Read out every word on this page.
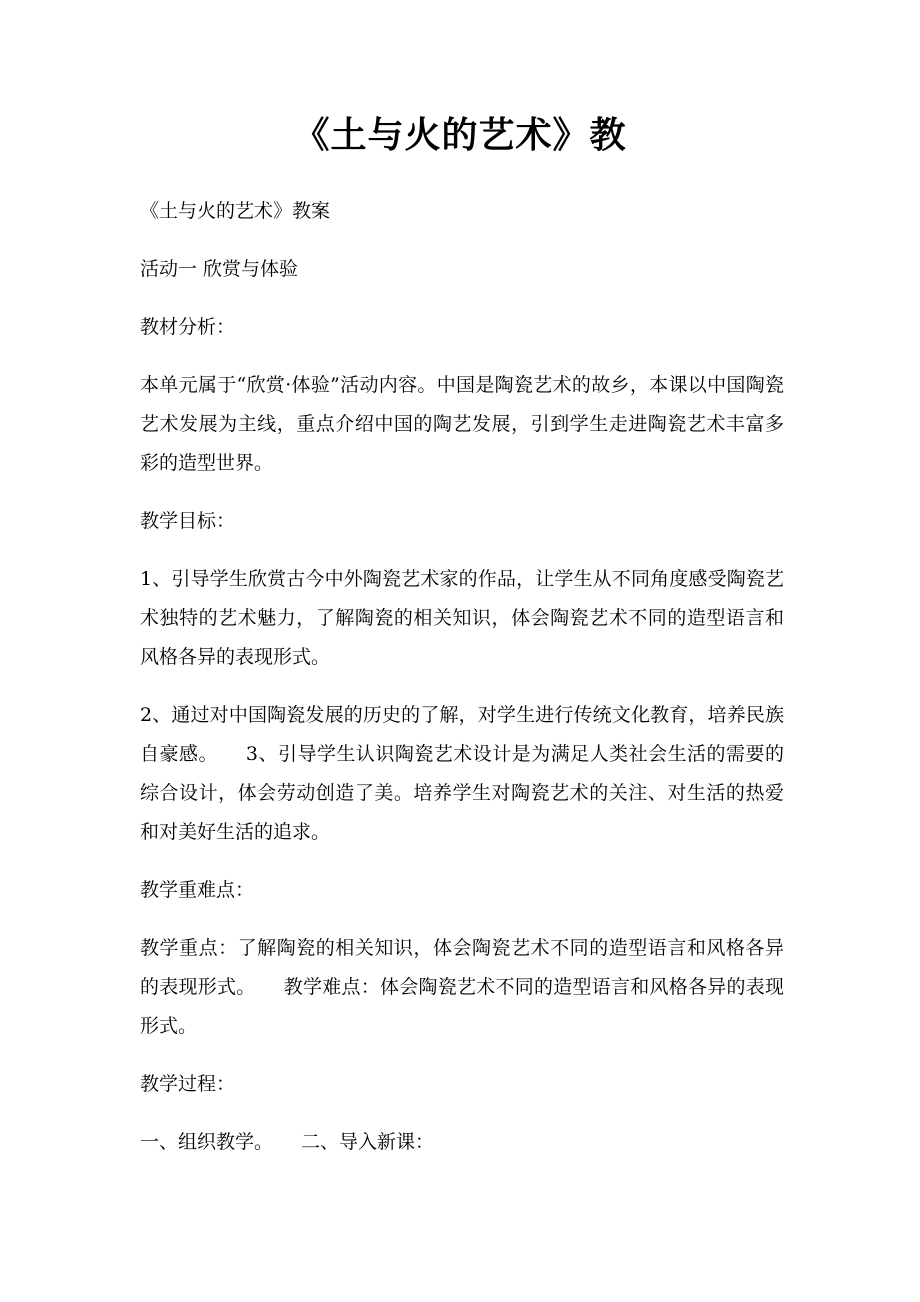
《土与火的艺术》教

《土与火的艺术》教案

活动一 欣赏与体验

教材分析：

本单元属于“欣赏·体验”活动内容。中国是陶瓷艺术的故乡，本课以中国陶瓷艺术发展为主线，重点介绍中国的陶艺发展，引到学生走进陶瓷艺术丰富多彩的造型世界。

教学目标：

1、引导学生欣赏古今中外陶瓷艺术家的作品，让学生从不同角度感受陶瓷艺术独特的艺术魅力，了解陶瓷的相关知识，体会陶瓷艺术不同的造型语言和风格各异的表现形式。

2、通过对中国陶瓷发展的历史的了解，对学生进行传统文化教育，培养民族自豪感。 3、引导学生认识陶瓷艺术设计是为满足人类社会生活的需要的综合设计，体会劳动创造了美。培养学生对陶瓷艺术的关注、对生活的热爱和对美好生活的追求。

教学重难点：

教学重点：了解陶瓷的相关知识，体会陶瓷艺术不同的造型语言和风格各异的表现形式。 教学难点：体会陶瓷艺术不同的造型语言和风格各异的表现形式。

教学过程：

一、组织教学。 二、导入新课：
